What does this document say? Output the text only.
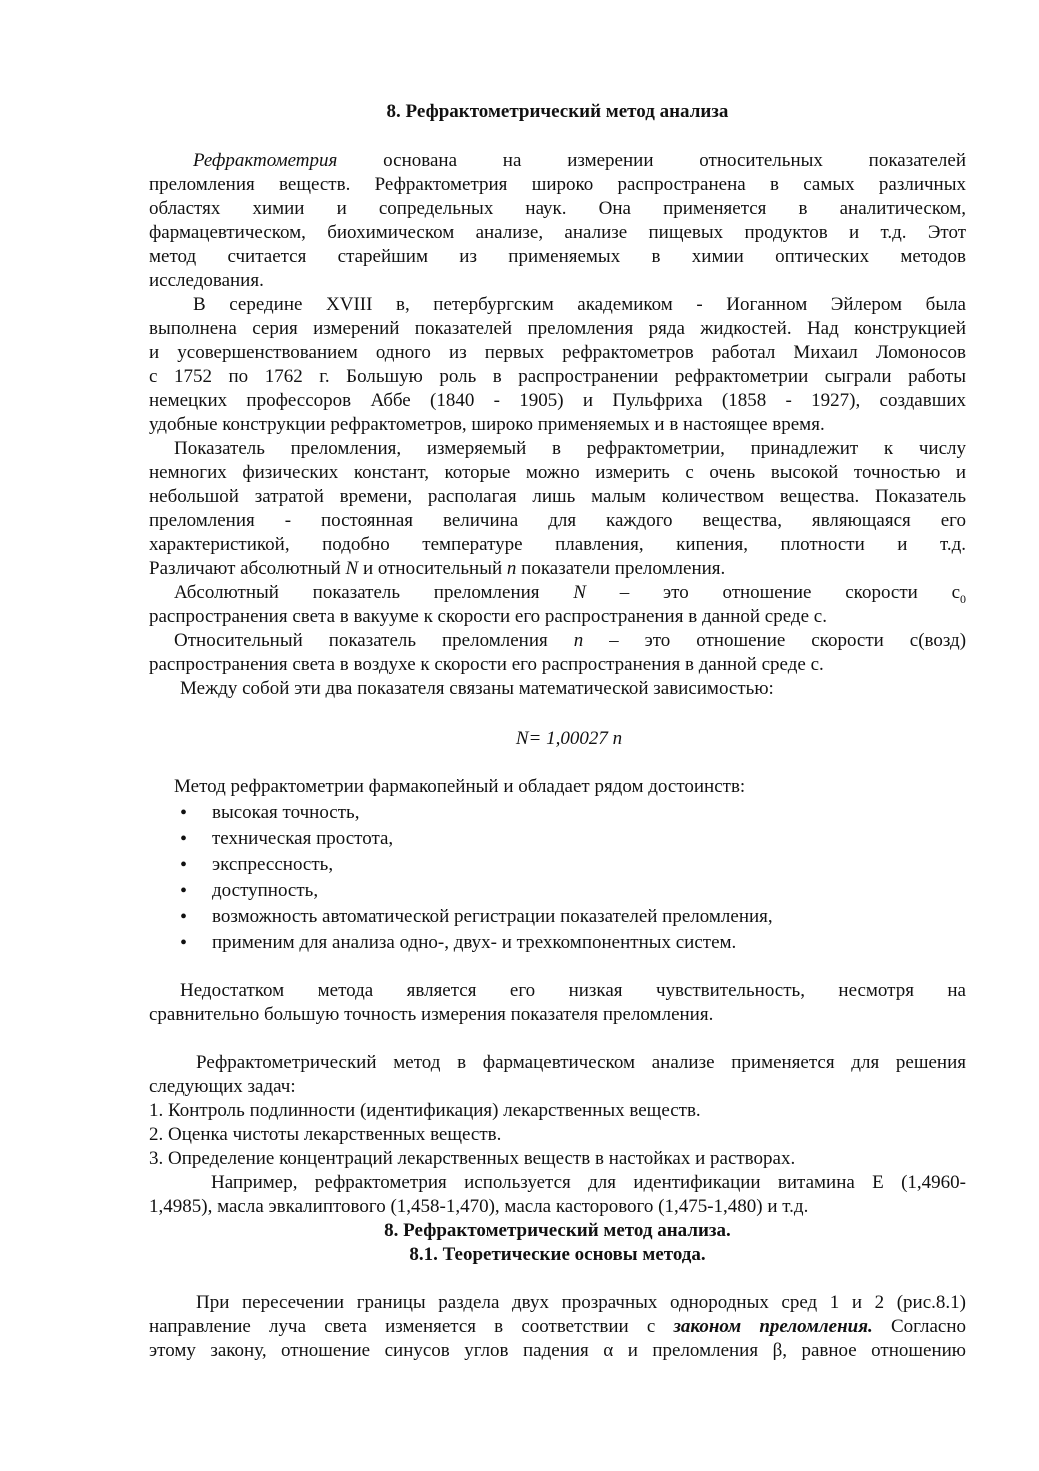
8. Рефрактометрический метод анализа
Рефрактометрия основана на измерении относительных показателей
преломления веществ. Рефрактометрия широко распространена в самых различных
областях химии и сопредельных наук. Она применяется в аналитическом,
фармацевтическом, биохимическом анализе, анализе пищевых продуктов и т.д. Этот
метод считается старейшим из применяемых в химии оптических методов
исследования.
В середине XVIII в, петербургским академиком - Иоганном Эйлером была
выполнена серия измерений показателей преломления ряда жидкостей. Над конструкцией
и усовершенствованием одного из первых рефрактометров работал Михаил Ломоносов
с 1752 по 1762 г. Большую роль в распространении рефрактометрии сыграли работы
немецких профессоров Аббе (1840 - 1905) и Пульфриха (1858 - 1927), создавших
удобные конструкции рефрактометров, широко применяемых и в настоящее время.
Показатель преломления, измеряемый в рефрактометрии, принадлежит к числу
немногих физических констант, которые можно измерить с очень высокой точностью и
небольшой затратой времени, располагая лишь малым количеством вещества. Показатель
преломления - постоянная величина для каждого вещества, являющаяся его
характеристикой, подобно температуре плавления, кипения, плотности и т.д.
Различают абсолютный N и относительный n показатели преломления.
Абсолютный показатель преломления N – это отношение скорости $c_0$
распространения света в вакууме к скорости его распространения в данной среде с.
Относительный показатель преломления n – это отношение скорости с(возд)
распространения света в воздухе к скорости его распространения в данной среде с.
Между собой эти два показателя связаны математической зависимостью:
N= 1,00027 n
Метод рефрактометрии фармакопейный и обладает рядом достоинств:
•
высокая точность,
•
техническая простота,
•
экспрессность,
•
доступность,
•
возможность автоматической регистрации показателей преломления,
•
применим для анализа одно-, двух- и трехкомпонентных систем.
Недостатком метода является его низкая чувствительность, несмотря на
сравнительно большую точность измерения показателя преломления.
Рефрактометрический метод в фармацевтическом анализе применяется для решения
следующих задач:
1. Контроль подлинности (идентификация) лекарственных веществ.
2. Оценка чистоты лекарственных веществ.
3. Определение концентраций лекарственных веществ в настойках и растворах.
Например, рефрактометрия используется для идентификации витамина Е (1,4960-
1,4985), масла эвкалиптового (1,458-1,470), масла касторового (1,475-1,480) и т.д.
8. Рефрактометрический метод анализа.
8.1. Теоретические основы метода.
При пересечении границы раздела двух прозрачных однородных сред 1 и 2 (рис.8.1)
направление луча света изменяется в соответствии с законом преломления. Согласно
этому закону, отношение синусов углов падения α и преломления β, равное отношению
